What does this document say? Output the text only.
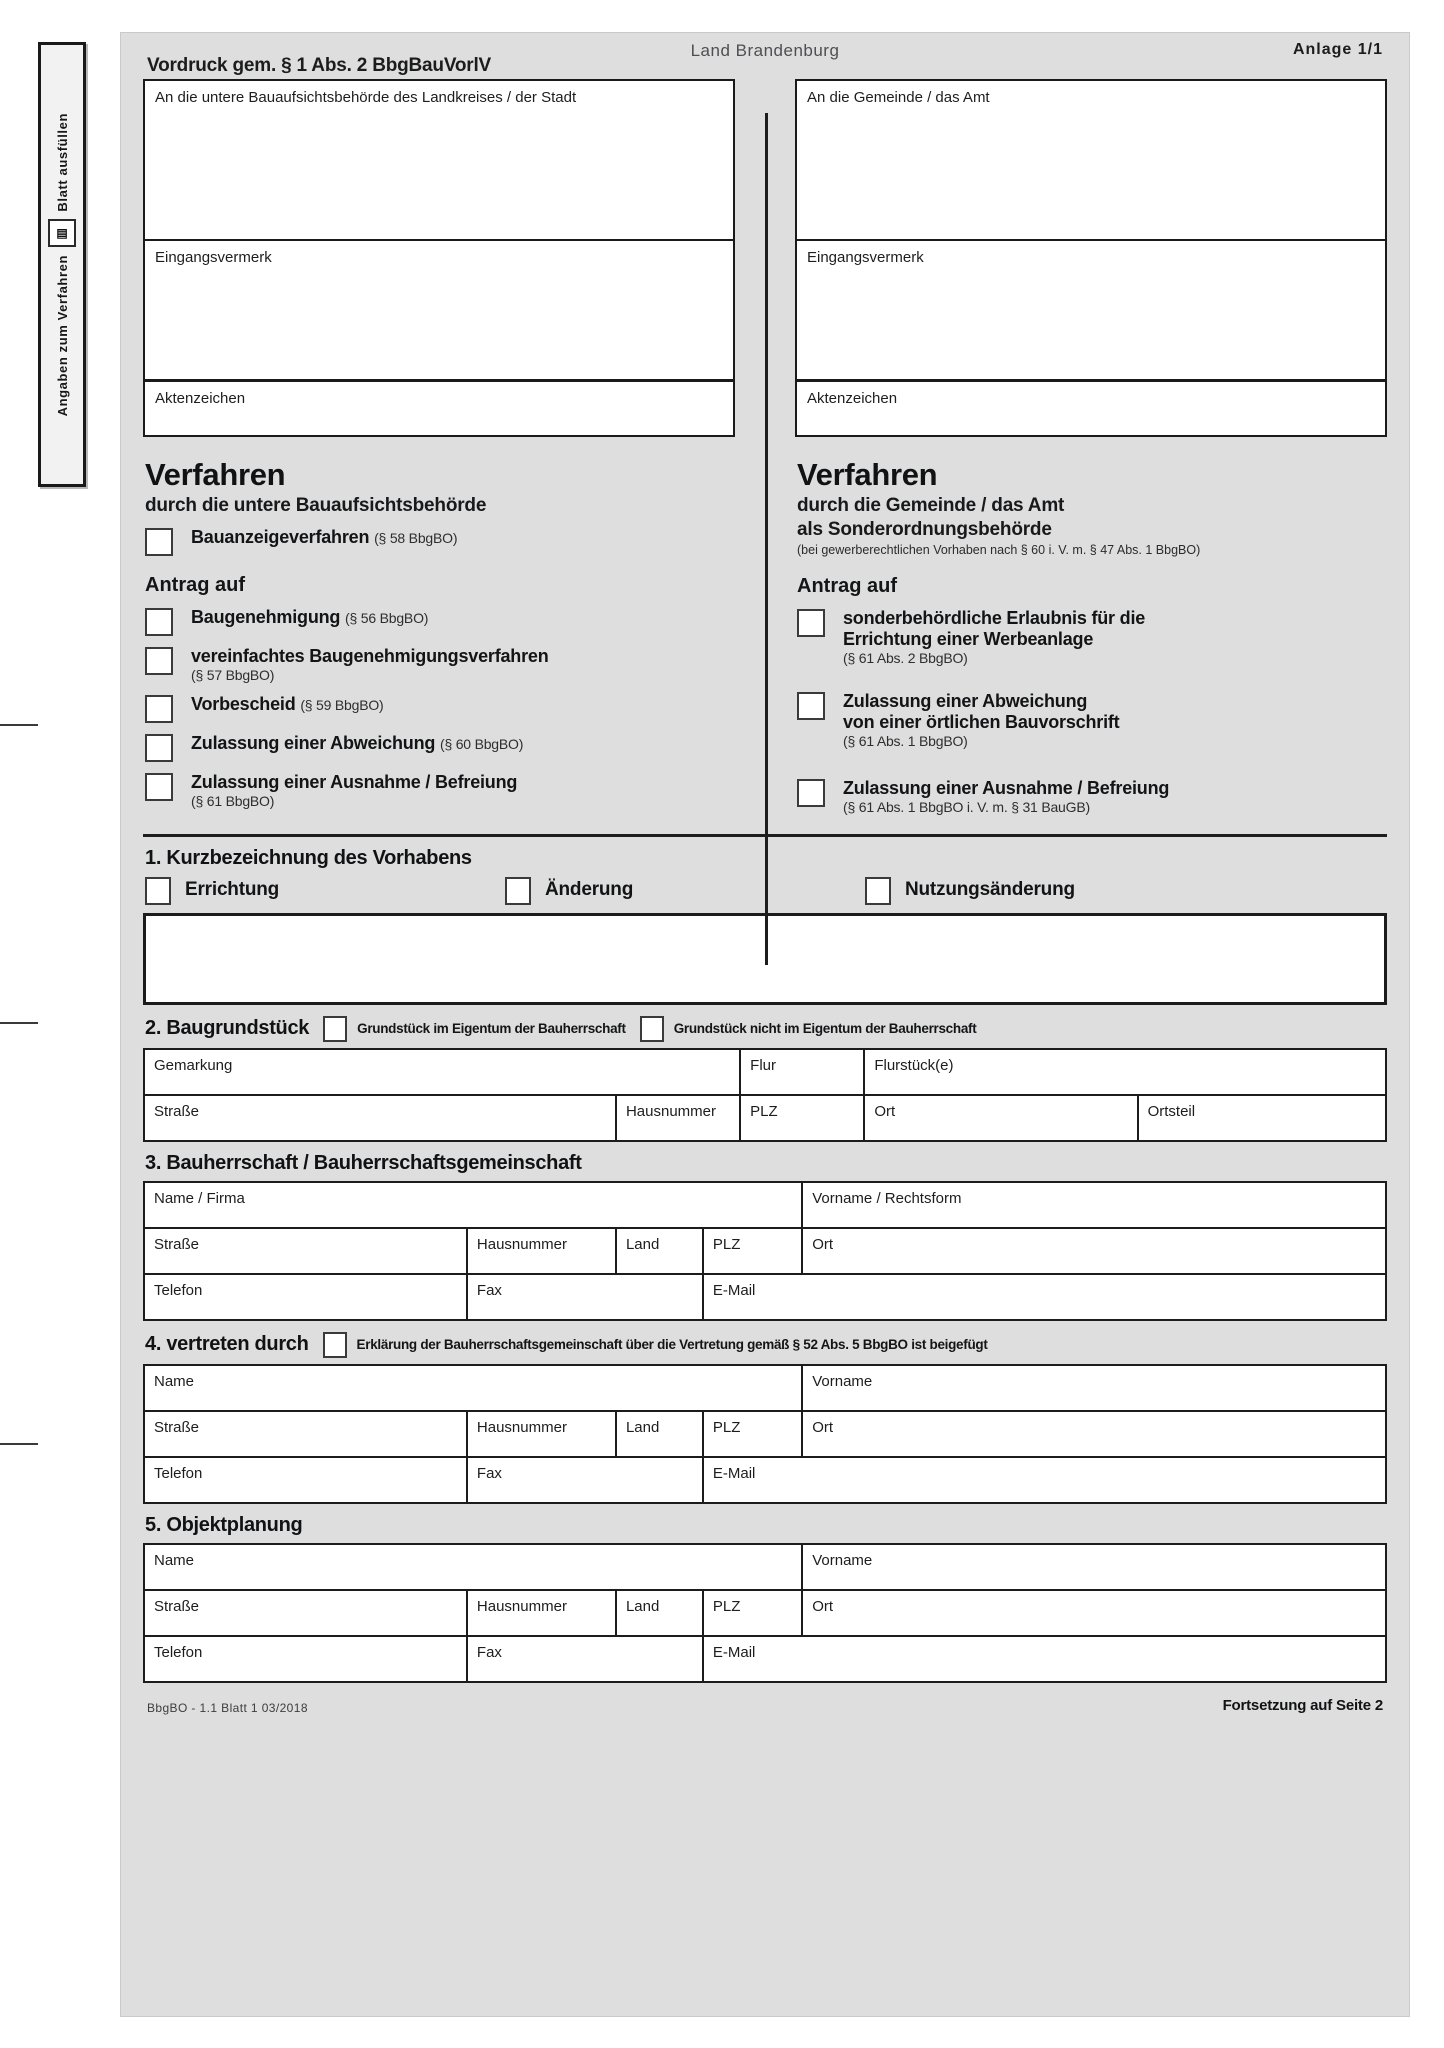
Blatt ausfüllen
▤
Angaben zum Verfahren
Vordruck gem. § 1 Abs. 2 BbgBauVorlV
Land Brandenburg	Anlage 1/1
An die untere Bauaufsichtsbehörde des Landkreises / der Stadt
Eingangsvermerk
Aktenzeichen
Verfahren
durch die untere Bauaufsichtsbehörde
Bauanzeigeverfahren (§ 58 BbgBO)
Antrag auf
Baugenehmigung (§ 56 BbgBO)
vereinfachtes Baugenehmigungsverfahren
(§ 57 BbgBO)
Vorbescheid (§ 59 BbgBO)
Zulassung einer Abweichung (§ 60 BbgBO)
Zulassung einer Ausnahme / Befreiung
(§ 61 BbgBO)
An die Gemeinde / das Amt
Eingangsvermerk
Aktenzeichen
Verfahren
durch die Gemeinde / das Amt
als Sonderordnungsbehörde
(bei gewerberechtlichen Vorhaben nach § 60 i. V. m. § 47 Abs. 1 BbgBO)
Antrag auf
sonderbehördliche Erlaubnis für die
Errichtung einer Werbeanlage
(§ 61 Abs. 2 BbgBO)
Zulassung einer Abweichung
von einer örtlichen Bauvorschrift
(§ 61 Abs. 1 BbgBO)
Zulassung einer Ausnahme / Befreiung
(§ 61 Abs. 1 BbgBO i. V. m. § 31 BauGB)
1. Kurzbezeichnung des Vorhabens
Errichtung	Änderung	Nutzungsänderung
2. Baugrundstück	Grundstück im Eigentum der Bauherrschaft	Grundstück nicht im Eigentum der Bauherrschaft
Gemarkung		Flur	Flurstück(e)	
Straße	Hausnummer	PLZ	Ort	Ortsteil
3. Bauherrschaft / Bauherrschaftsgemeinschaft
Name / Firma				Vorname / Rechtsform
Straße	Hausnummer	Land	PLZ	Ort
Telefon	Fax		E-Mail	
4. vertreten durch	Erklärung der Bauherrschaftsgemeinschaft über die Vertretung gemäß § 52 Abs. 5 BbgBO ist beigefügt
Name				Vorname
Straße	Hausnummer	Land	PLZ	Ort
Telefon	Fax		E-Mail	
5. Objektplanung
Name				Vorname
Straße	Hausnummer	Land	PLZ	Ort
Telefon	Fax		E-Mail	
BbgBO - 1.1 Blatt 1 03/2018	Fortsetzung auf Seite 2
